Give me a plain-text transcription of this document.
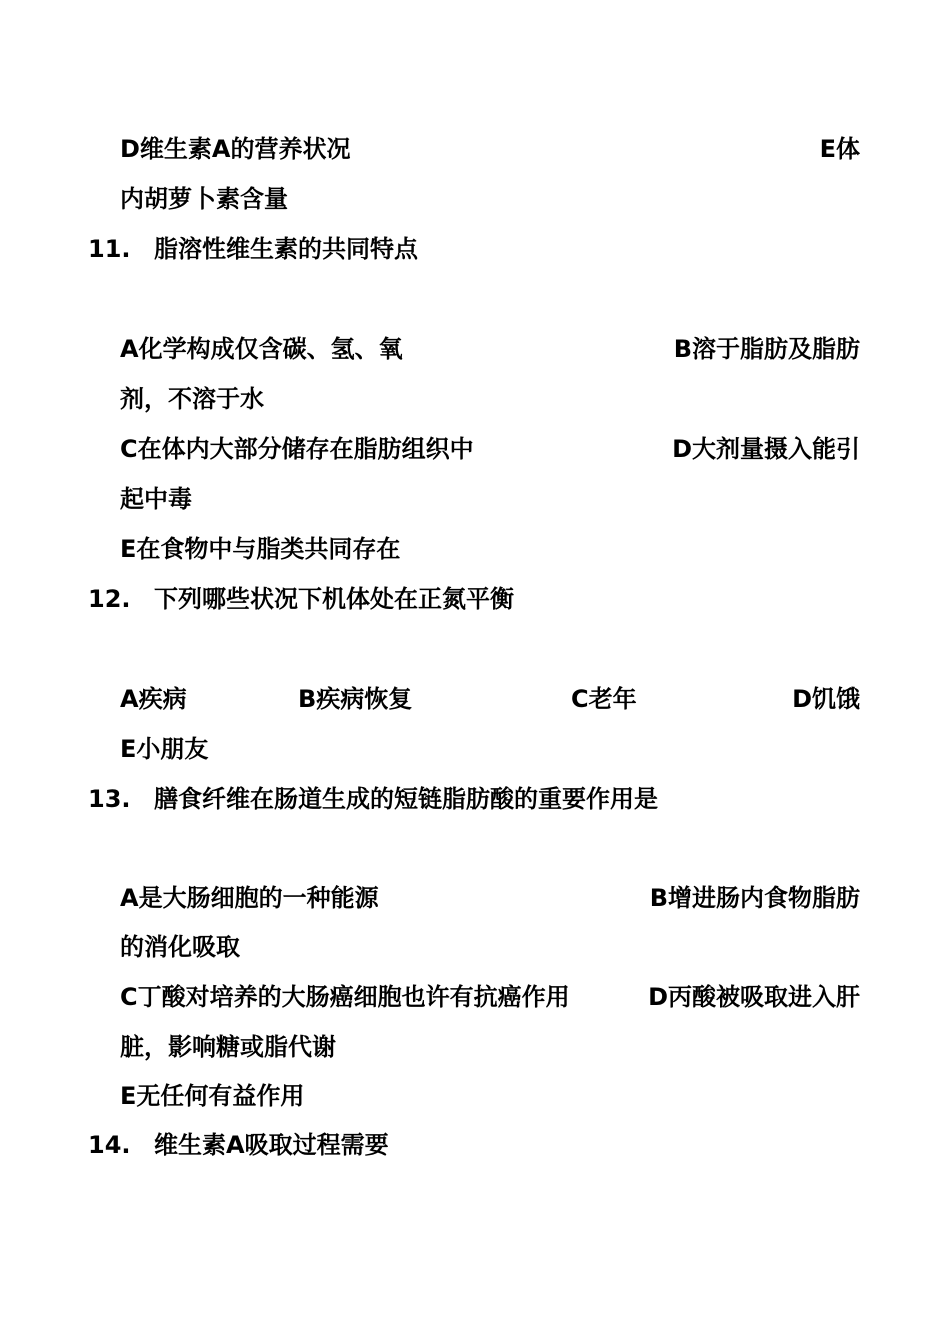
D维生素A的营养状况	E体
内胡萝卜素含量
11. 脂溶性维生素的共同特点
A化学构成仅含碳、氢、氧	B溶于脂肪及脂肪
剂，不溶于水
C在体内大部分储存在脂肪组织中	D大剂量摄入能引
起中毒
E在食物中与脂类共同存在
12. 下列哪些状况下机体处在正氮平衡
A疾病	B疾病恢复	C老年	D饥饿
E小朋友
13. 膳食纤维在肠道生成的短链脂肪酸的重要作用是
A是大肠细胞的一种能源	B增进肠内食物脂肪
的消化吸取
C丁酸对培养的大肠癌细胞也许有抗癌作用	D丙酸被吸取进入肝
脏，影响糖或脂代谢
E无任何有益作用
14. 维生素A吸取过程需要
